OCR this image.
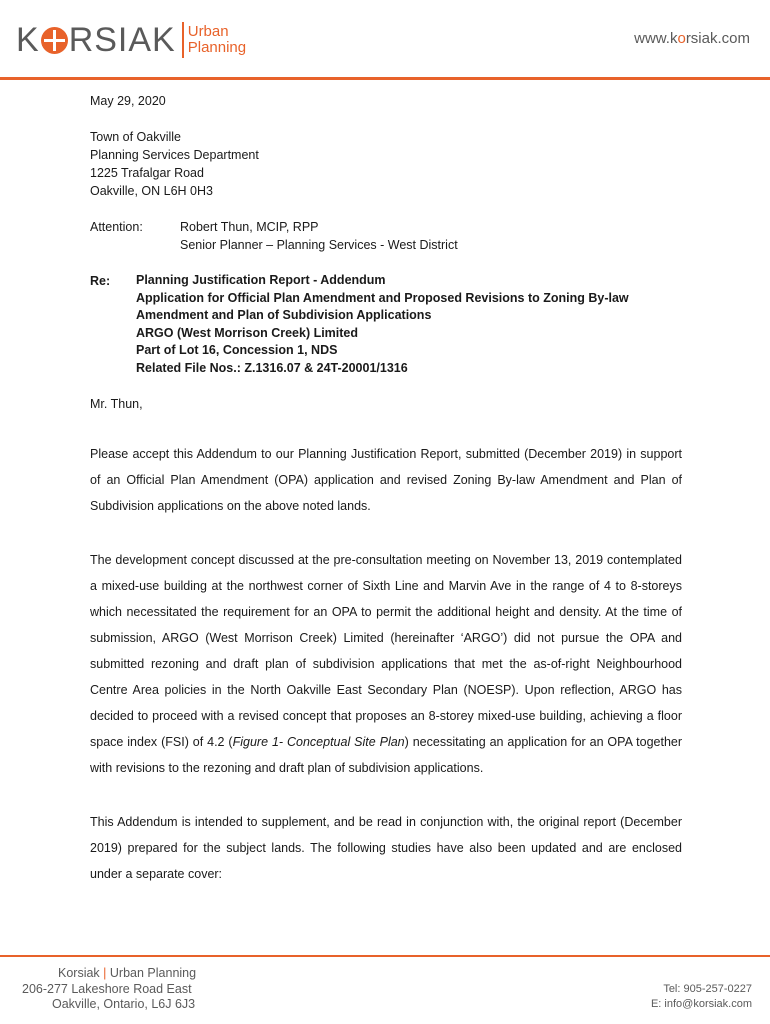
K RSIAK Urban
Planning
www.korsiak.com
May 29, 2020
Town of Oakville
Planning Services Department
1225 Trafalgar Road
Oakville, ON L6H 0H3
Attention:	Robert Thun, MCIP, RPP
Senior Planner – Planning Services - West District
Re:	Planning Justification Report - Addendum
Application for Official Plan Amendment and Proposed Revisions to Zoning By-law
Amendment and Plan of Subdivision Applications
ARGO (West Morrison Creek) Limited
Part of Lot 16, Concession 1, NDS
Related File Nos.: Z.1316.07 & 24T-20001/1316
Mr. Thun,
Please accept this Addendum to our Planning Justification Report, submitted (December 2019) in support of an Official Plan Amendment (OPA) application and revised Zoning By-law Amendment and Plan of Subdivision applications on the above noted lands.
The development concept discussed at the pre-consultation meeting on November 13, 2019 contemplated a mixed-use building at the northwest corner of Sixth Line and Marvin Ave in the range of 4 to 8-storeys which necessitated the requirement for an OPA to permit the additional height and density. At the time of submission, ARGO (West Morrison Creek) Limited (hereinafter ‘ARGO’) did not pursue the OPA and submitted rezoning and draft plan of subdivision applications that met the as-of-right Neighbourhood Centre Area policies in the North Oakville East Secondary Plan (NOESP). Upon reflection, ARGO has decided to proceed with a revised concept that proposes an 8-storey mixed-use building, achieving a floor space index (FSI) of 4.2 (Figure 1- Conceptual Site Plan) necessitating an application for an OPA together with revisions to the rezoning and draft plan of subdivision applications.
This Addendum is intended to supplement, and be read in conjunction with, the original report (December 2019) prepared for the subject lands. The following studies have also been updated and are enclosed under a separate cover:
Korsiak | Urban Planning
206-277 Lakeshore Road East
Oakville, Ontario, L6J 6J3
Tel: 905-257-0227
E: info@korsiak.com
